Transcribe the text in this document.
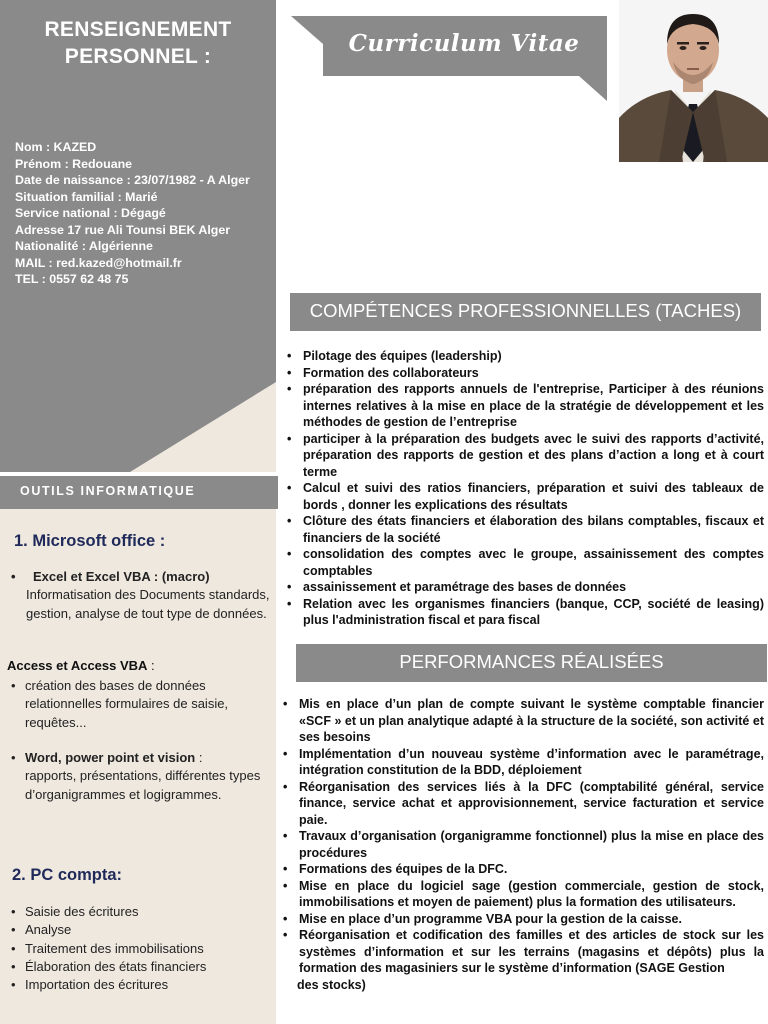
RENSEIGNEMENT
PERSONNEL :
Nom : KAZED
Prénom : Redouane
Date de naissance : 23/07/1982 - A Alger
Situation familial : Marié
Service national : Dégagé
Adresse 17 rue Ali Tounsi BEK Alger
Nationalité : Algérienne
MAIL : red.kazed@hotmail.fr
TEL : 0557 62 48 75
OUTILS INFORMATIQUE
1. Microsoft office :
• Excel et Excel VBA : (macro)
Informatisation des Documents standards, gestion, analyse de tout type de données.
Access et Access VBA :
• création des bases de données relationnelles formulaires de saisie, requêtes...
• Word, power point et vision :
rapports, présentations, différentes types d’organigrammes et logigrammes.
2. PC compta:
• Saisie des écritures
• Analyse
• Traitement des immobilisations
• Élaboration des états financiers
• Importation des écritures
Curriculum Vitae
COMPÉTENCES PROFESSIONNELLES (TACHES)
• Pilotage des équipes (leadership)
• Formation des collaborateurs
• préparation des rapports annuels de l'entreprise, Participer à des réunions internes relatives à la mise en place de la stratégie de développement et les méthodes de gestion de l’entreprise
• participer à la préparation des budgets avec le suivi des rapports d’activité, préparation des rapports de gestion et des plans d’action a long et à court terme
• Calcul et suivi des ratios financiers, préparation et suivi des tableaux de bords , donner les explications des résultats
• Clôture des états financiers et élaboration des bilans comptables, fiscaux et financiers de la société
• consolidation des comptes avec le groupe, assainissement des comptes comptables
• assainissement et paramétrage des bases de données
• Relation avec les organismes financiers (banque, CCP, société de leasing) plus l'administration fiscal et para fiscal
PERFORMANCES RÉALISÉES
• Mis en place d’un plan de compte suivant le système comptable financier «SCF » et un plan analytique adapté à la structure de la société, son activité et ses besoins
• Implémentation d’un nouveau système d’information avec le paramétrage, intégration constitution de la BDD, déploiement
• Réorganisation des services liés à la DFC (comptabilité général, service finance, service achat et approvisionnement, service facturation et service paie.
• Travaux d’organisation (organigramme fonctionnel) plus la mise en place des procédures
• Formations des équipes de la DFC.
• Mise en place du logiciel sage (gestion commerciale, gestion de stock, immobilisations et moyen de paiement) plus la formation des utilisateurs.
• Mise en place d’un programme VBA pour la gestion de la caisse.
• Réorganisation et codification des familles et des articles de stock sur les systèmes d’information et sur les terrains (magasins et dépôts) plus la formation des magasiniers sur le système d’information (SAGE Gestion
des stocks)
